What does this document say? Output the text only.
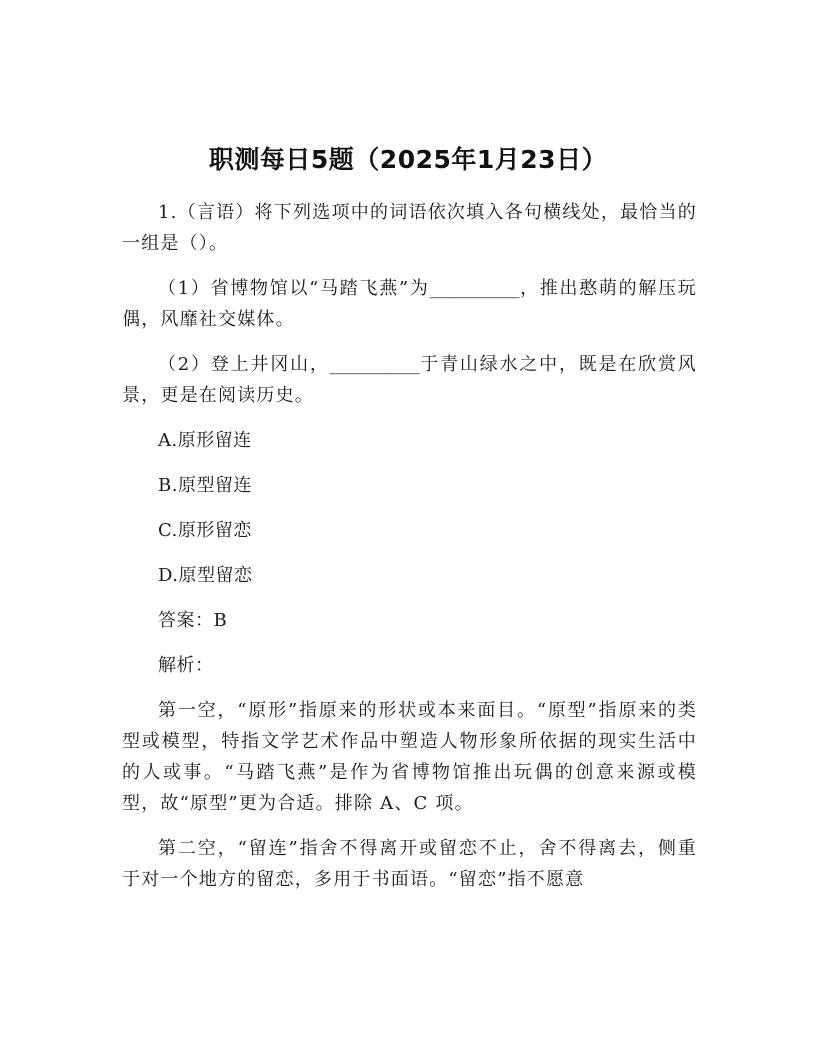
职测每日5题（2025年1月23日）

1.（言语）将下列选项中的词语依次填入各句横线处，最恰当的一组是（）。

（1）省博物馆以“马踏飞燕”为__________，推出憨萌的解压玩偶，风靡社交媒体。

（2）登上井冈山，__________于青山绿水之中，既是在欣赏风景，更是在阅读历史。

A.原形留连

B.原型留连

C.原形留恋

D.原型留恋

答案：B

解析：

第一空，“原形”指原来的形状或本来面目。“原型”指原来的类型或模型，特指文学艺术作品中塑造人物形象所依据的现实生活中的人或事。“马踏飞燕”是作为省博物馆推出玩偶的创意来源或模型，故“原型”更为合适。排除 A、C 项。

第二空，“留连”指舍不得离开或留恋不止，舍不得离去，侧重于对一个地方的留恋，多用于书面语。“留恋”指不愿意
